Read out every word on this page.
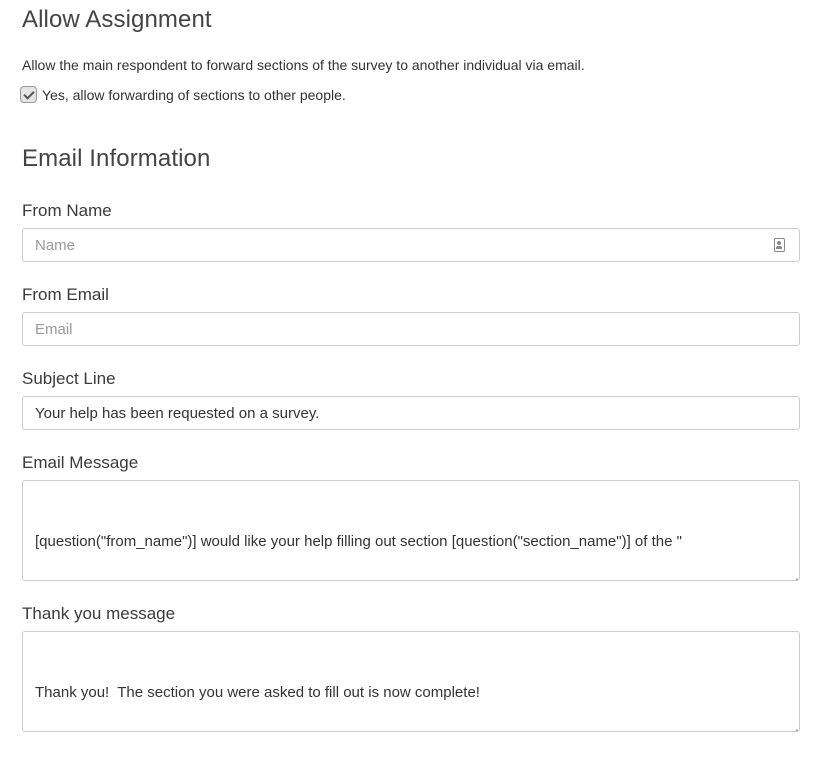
Allow Assignment
Allow the main respondent to forward sections of the survey to another individual via email.
Yes, allow forwarding of sections to other people.
Email Information
From Name
Name
From Email
Email
Subject Line
Your help has been requested on a survey.
Email Message

[question("from_name")] would like your help filling out section [question("section_name")] of the "

Thank you message

Thank you!  The section you were asked to fill out is now complete!
